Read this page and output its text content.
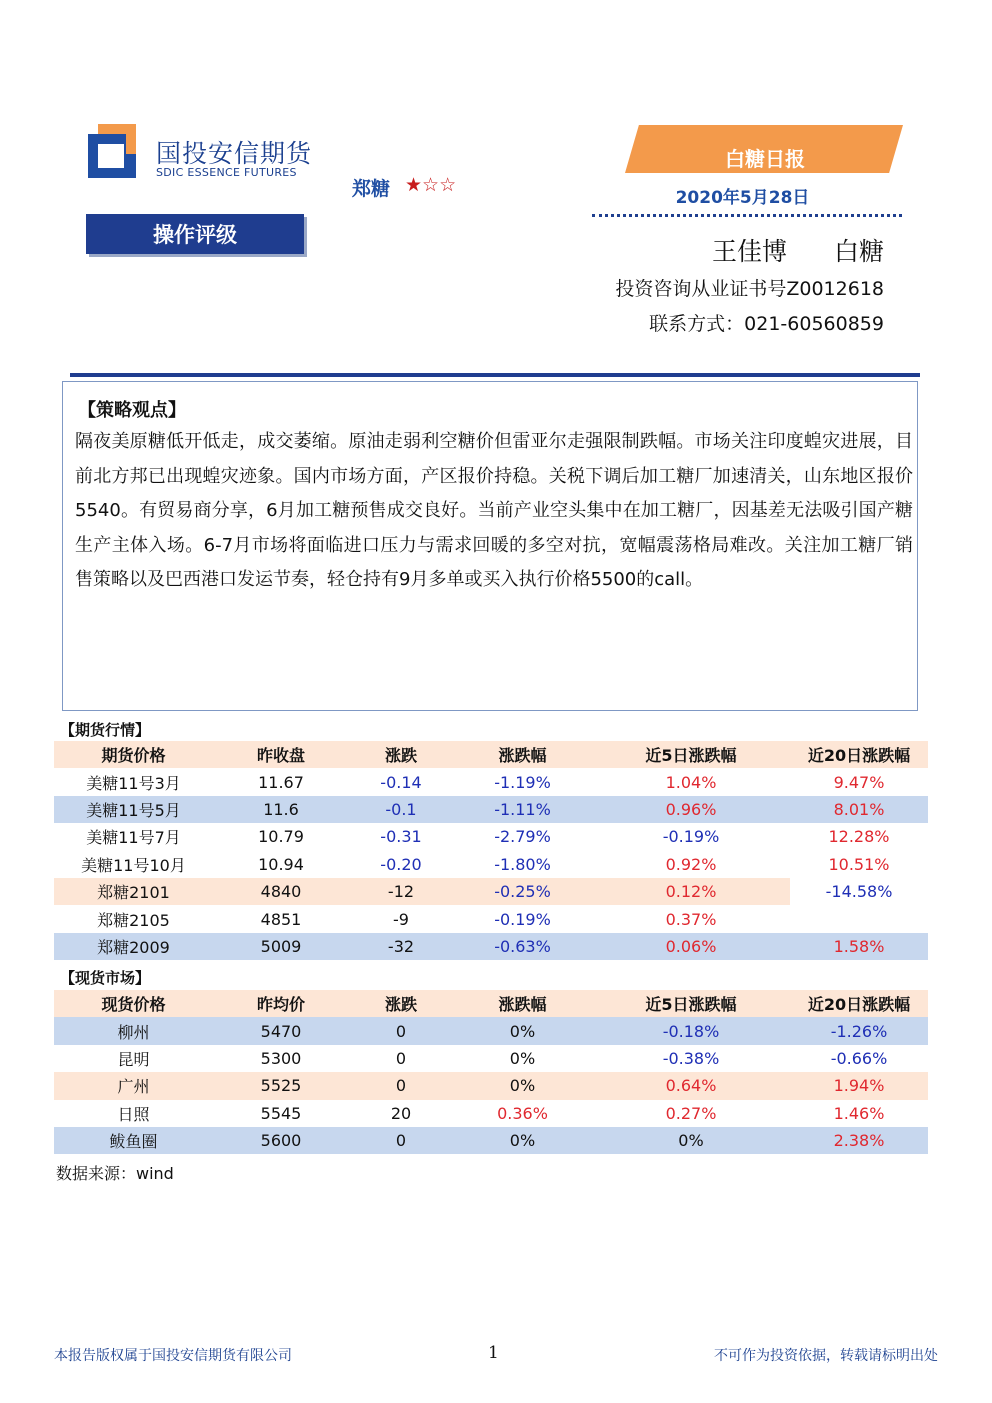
国投安信期货
SDIC ESSENCE FUTURES
郑糖 ★☆☆
白糖日报
2020年5月28日
操作评级
王佳博 白糖
投资咨询从业证书号Z0012618
联系方式：021-60560859
【策略观点】

隔夜美原糖低开低走，成交萎缩。原油走弱利空糖价但雷亚尔走强限制跌幅。市场关注印度蝗灾进展，目前北方邦已出现蝗灾迹象。国内市场方面，产区报价持稳。关税下调后加工糖厂加速清关，山东地区报价5540。有贸易商分享，6月加工糖预售成交良好。当前产业空头集中在加工糖厂，因基差无法吸引国产糖生产主体入场。6-7月市场将面临进口压力与需求回暖的多空对抗，宽幅震荡格局难改。关注加工糖厂销售策略以及巴西港口发运节奏，轻仓持有9月多单或买入执行价格5500的call。

【期货行情】
期货价格	昨收盘	涨跌	涨跌幅	近5日涨跌幅	近20日涨跌幅
美糖11号3月	11.67	-0.14	-1.19%	1.04%	9.47%
美糖11号5月	11.6	-0.1	-1.11%	0.96%	8.01%
美糖11号7月	10.79	-0.31	-2.79%	-0.19%	12.28%
美糖11号10月	10.94	-0.20	-1.80%	0.92%	10.51%
郑糖2101	4840	-12	-0.25%	0.12%	-14.58%
郑糖2105	4851	-9	-0.19%	0.37%	
郑糖2009	5009	-32	-0.63%	0.06%	1.58%
【现货市场】
现货价格	昨均价	涨跌	涨跌幅	近5日涨跌幅	近20日涨跌幅
柳州	5470	0	0%	-0.18%	-1.26%
昆明	5300	0	0%	-0.38%	-0.66%
广州	5525	0	0%	0.64%	1.94%
日照	5545	20	0.36%	0.27%	1.46%
鲅鱼圈	5600	0	0%	0%	2.38%
数据来源：wind
本报告版权属于国投安信期货有限公司	1	不可作为投资依据，转载请标明出处
